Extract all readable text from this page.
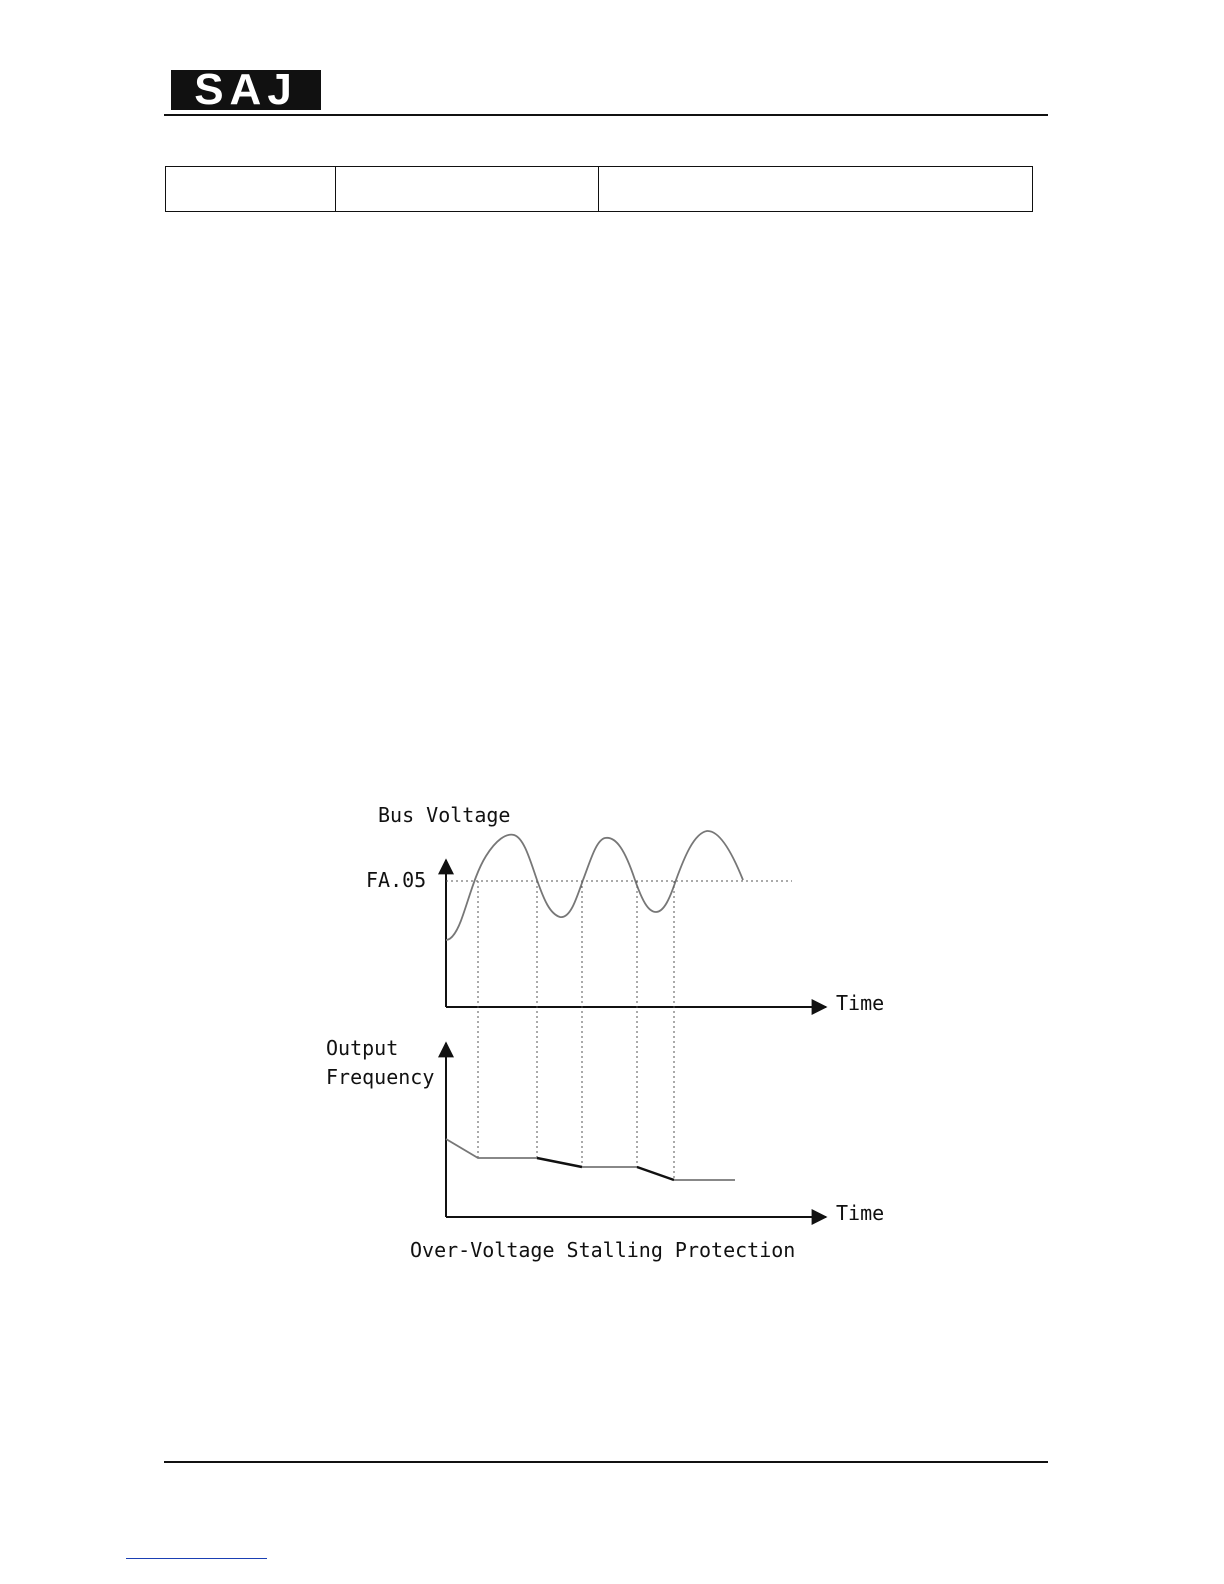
SAJ

Bus Voltage
FA.05
Time
Output
Frequency
Time
Over-Voltage Stalling Protection
